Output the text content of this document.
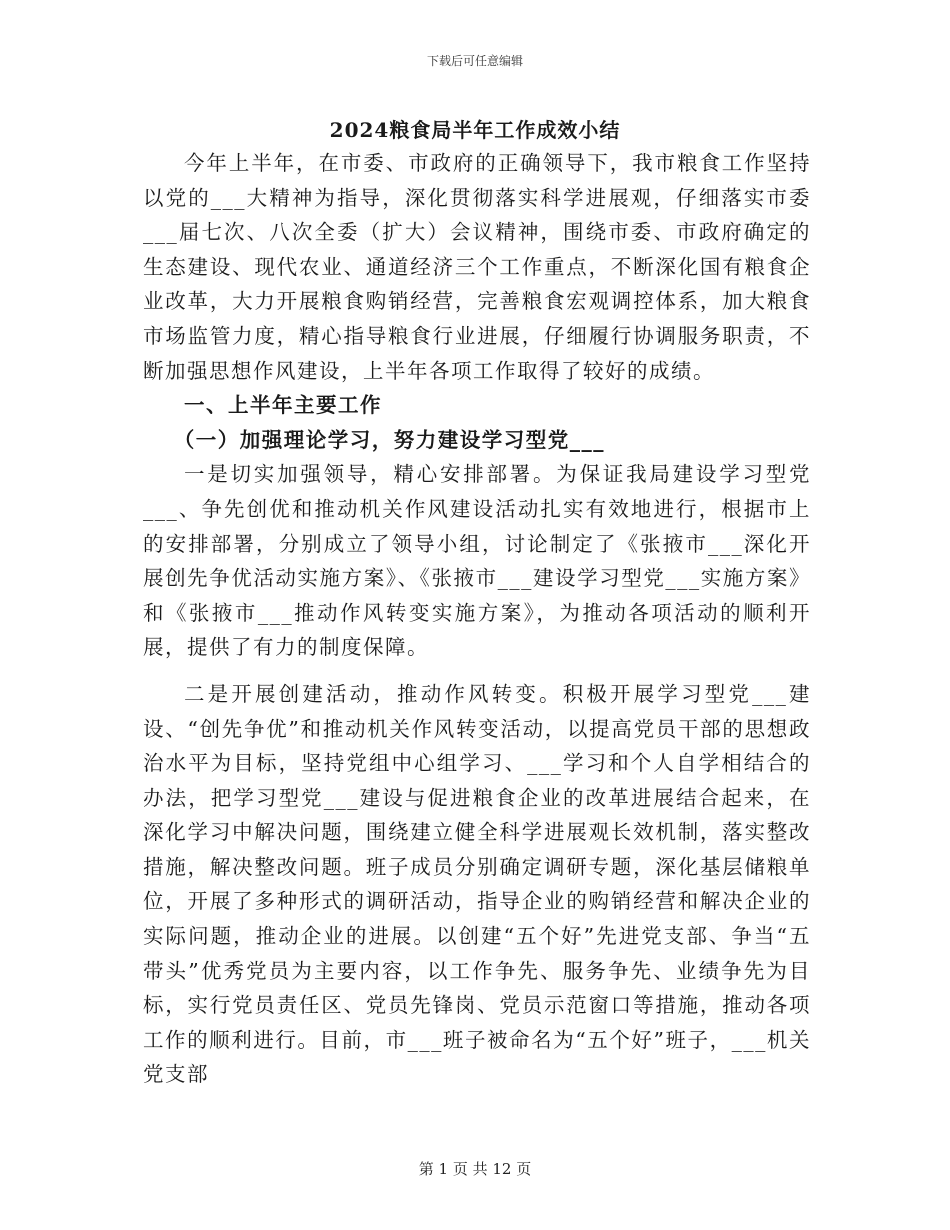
下载后可任意编辑
2024粮食局半年工作成效小结

今年上半年，在市委、市政府的正确领导下，我市粮食工作坚持以党的___大精神为指导，深化贯彻落实科学进展观，仔细落实市委___届七次、八次全委（扩大）会议精神，围绕市委、市政府确定的生态建设、现代农业、通道经济三个工作重点，不断深化国有粮食企业改革，大力开展粮食购销经营，完善粮食宏观调控体系，加大粮食市场监管力度，精心指导粮食行业进展，仔细履行协调服务职责，不断加强思想作风建设，上半年各项工作取得了较好的成绩。

一、上半年主要工作

（一）加强理论学习，努力建设学习型党___

一是切实加强领导，精心安排部署。为保证我局建设学习型党___、争先创优和推动机关作风建设活动扎实有效地进行，根据市上的安排部署，分别成立了领导小组，讨论制定了《张掖市___深化开展创先争优活动实施方案》、《张掖市___建设学习型党___实施方案》和《张掖市___推动作风转变实施方案》，为推动各项活动的顺利开展，提供了有力的制度保障。

二是开展创建活动，推动作风转变。积极开展学习型党___建设、“创先争优”和推动机关作风转变活动，以提高党员干部的思想政治水平为目标，坚持党组中心组学习、___学习和个人自学相结合的办法，把学习型党___建设与促进粮食企业的改革进展结合起来，在深化学习中解决问题，围绕建立健全科学进展观长效机制，落实整改措施，解决整改问题。班子成员分别确定调研专题，深化基层储粮单位，开展了多种形式的调研活动，指导企业的购销经营和解决企业的实际问题，推动企业的进展。以创建“五个好”先进党支部、争当“五带头”优秀党员为主要内容，以工作争先、服务争先、业绩争先为目标，实行党员责任区、党员先锋岗、党员示范窗口等措施，推动各项工作的顺利进行。目前，市___班子被命名为“五个好”班子，___机关党支部

第 1 页 共 12 页
